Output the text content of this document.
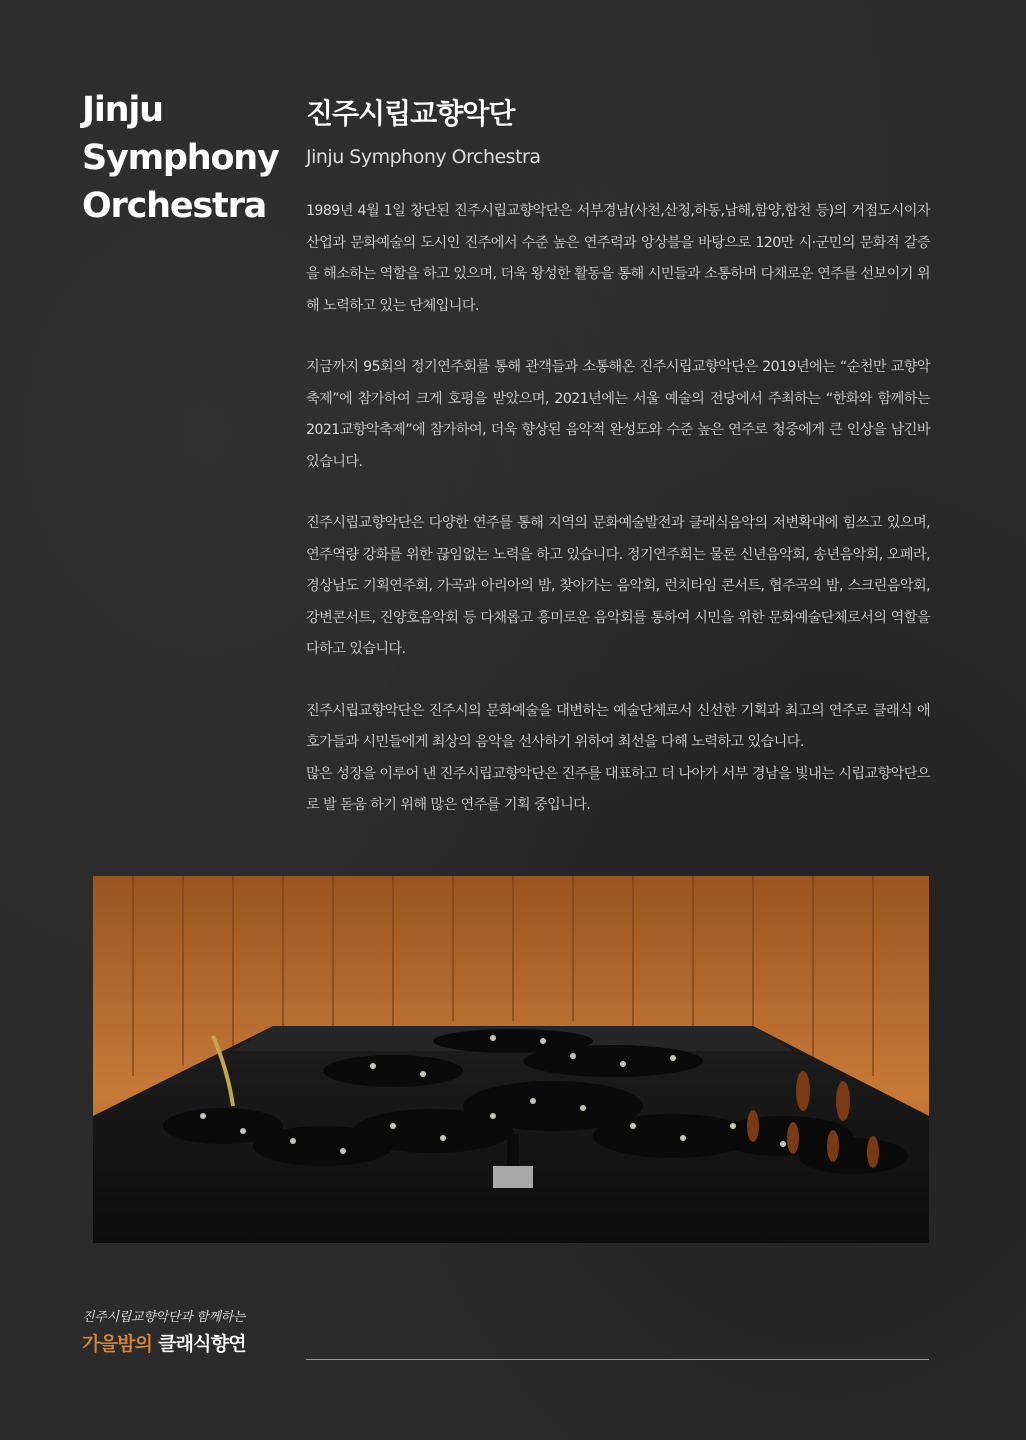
Jinju
Symphony
Orchestra
진주시립교향악단
Jinju Symphony Orchestra

1989년 4월 1일 창단된 진주시립교향악단은 서부경남(사천,산청,하동,남해,함양,합천 등)의 거점도시이자 산업과 문화예술의 도시인 진주에서 수준 높은 연주력과 앙상블을 바탕으로 120만 시·군민의 문화적 갈증을 해소하는 역할을 하고 있으며, 더욱 왕성한 활동을 통해 시민들과 소통하며 다채로운 연주를 선보이기 위해 노력하고 있는 단체입니다.

지금까지 95회의 정기연주회를 통해 관객들과 소통해온 진주시립교향악단은 2019년에는 “순천만 교향악축제”에 참가하여 크게 호평을 받았으며, 2021년에는 서울 예술의 전당에서 주최하는 “한화와 함께하는 2021교향악축제”에 참가하여, 더욱 향상된 음악적 완성도와 수준 높은 연주로 청중에게 큰 인상을 남긴바 있습니다.

진주시립교향악단은 다양한 연주를 통해 지역의 문화예술발전과 클래식음악의 저변확대에 힘쓰고 있으며, 연주역량 강화를 위한 끊임없는 노력을 하고 있습니다. 정기연주회는 물론 신년음악회, 송년음악회, 오페라, 경상남도 기획연주회, 가곡과 아리아의 밤, 찾아가는 음악회, 런치타임 콘서트, 협주곡의 밤, 스크린음악회, 강변콘서트, 진양호음악회 등 다채롭고 흥미로운 음악회를 통하여 시민을 위한 문화예술단체로서의 역할을 다하고 있습니다.

진주시립교향악단은 진주시의 문화예술을 대변하는 예술단체로서 신선한 기획과 최고의 연주로 클래식 애호가들과 시민들에게 최상의 음악을 선사하기 위하여 최선을 다해 노력하고 있습니다.

많은 성장을 이루어 낸 진주시립교향악단은 진주를 대표하고 더 나아가 서부 경남을 빛내는 시립교향악단으로 발 돋움 하기 위해 많은 연주를 기획 중입니다.

진주시립교향악단과 함께하는
가을밤의 클래식향연
